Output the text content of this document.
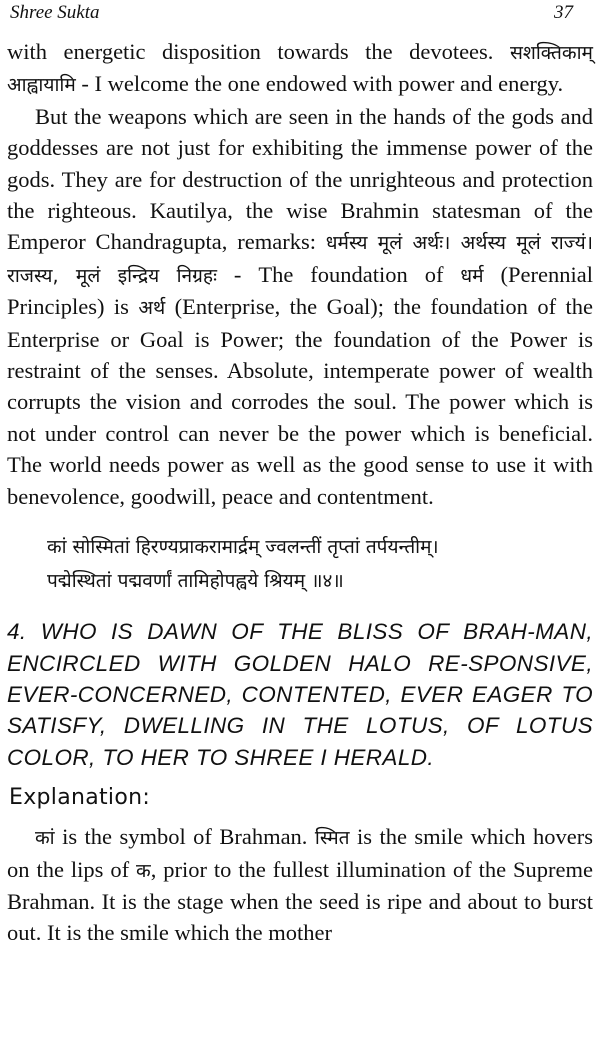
Shree Sukta	37

with energetic disposition towards the devotees. सशक्तिकाम् आह्वायामि - I welcome the one endowed with power and energy.

But the weapons which are seen in the hands of the gods and goddesses are not just for exhibiting the immense power of the gods. They are for destruction of the unrighteous and protection the righteous. Kautilya, the wise Brahmin statesman of the Emperor Chandragupta, remarks: धर्मस्य मूलं अर्थः। अर्थस्य मूलं राज्यं। राजस्य, मूलं इन्द्रिय निग्रहः - The foundation of धर्म (Perennial Principles) is अर्थ (Enterprise, the Goal); the foundation of the Enterprise or Goal is Power; the foundation of the Power is restraint of the senses. Absolute, intemperate power of wealth corrupts the vision and corrodes the soul. The power which is not under control can never be the power which is beneficial. The world needs power as well as the good sense to use it with benevolence, goodwill, peace and contentment.

कां सोस्मितां हिरण्यप्राकरामार्द्रम् ज्वलन्तीं तृप्तां तर्पयन्तीम्।
पद्मेस्थितां पद्मवर्णां तामिहोपह्वये श्रियम् ॥४॥

4. WHO IS DAWN OF THE BLISS OF BRAH-MAN, ENCIRCLED WITH GOLDEN HALO RE-SPONSIVE, EVER-CONCERNED, CONTENTED, EVER EAGER TO SATISFY, DWELLING IN THE LOTUS, OF LOTUS COLOR, TO HER TO SHREE I HERALD.

Explanation:

कां is the symbol of Brahman. स्मित is the smile which hovers on the lips of क, prior to the fullest illumination of the Supreme Brahman. It is the stage when the seed is ripe and about to burst out. It is the smile which the mother
